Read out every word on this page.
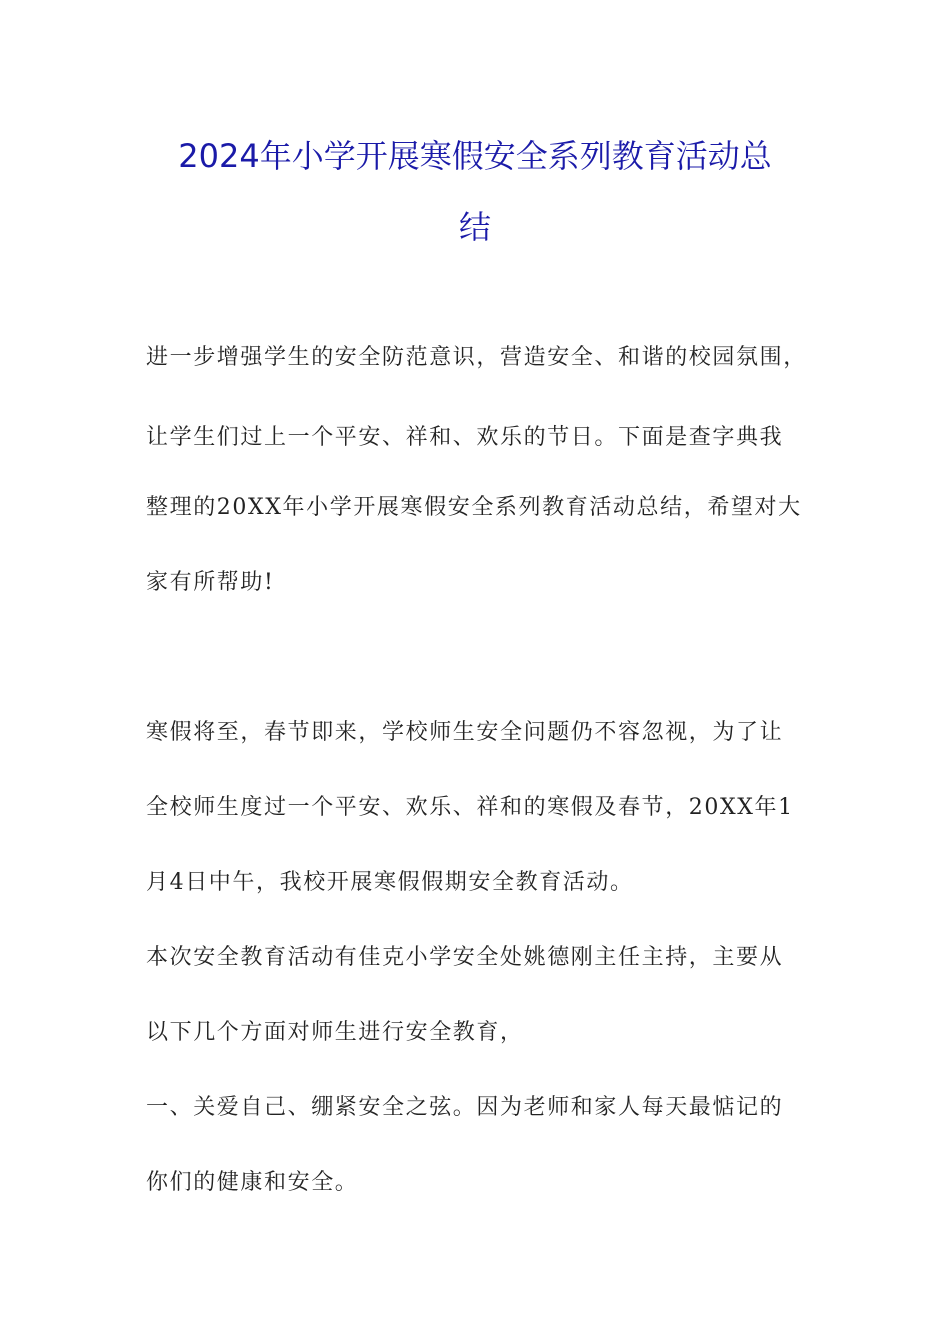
2024年小学开展寒假安全系列教育活动总
结
进一步增强学生的安全防范意识，营造安全、和谐的校园氛围，
让学生们过上一个平安、祥和、欢乐的节日。下面是查字典我
整理的20XX年小学开展寒假安全系列教育活动总结，希望对大
家有所帮助!
寒假将至，春节即来，学校师生安全问题仍不容忽视，为了让
全校师生度过一个平安、欢乐、祥和的寒假及春节，20XX年1
月4日中午，我校开展寒假假期安全教育活动。
本次安全教育活动有佳克小学安全处姚德刚主任主持，主要从
以下几个方面对师生进行安全教育，
一、关爱自己、绷紧安全之弦。因为老师和家人每天最惦记的
你们的健康和安全。
